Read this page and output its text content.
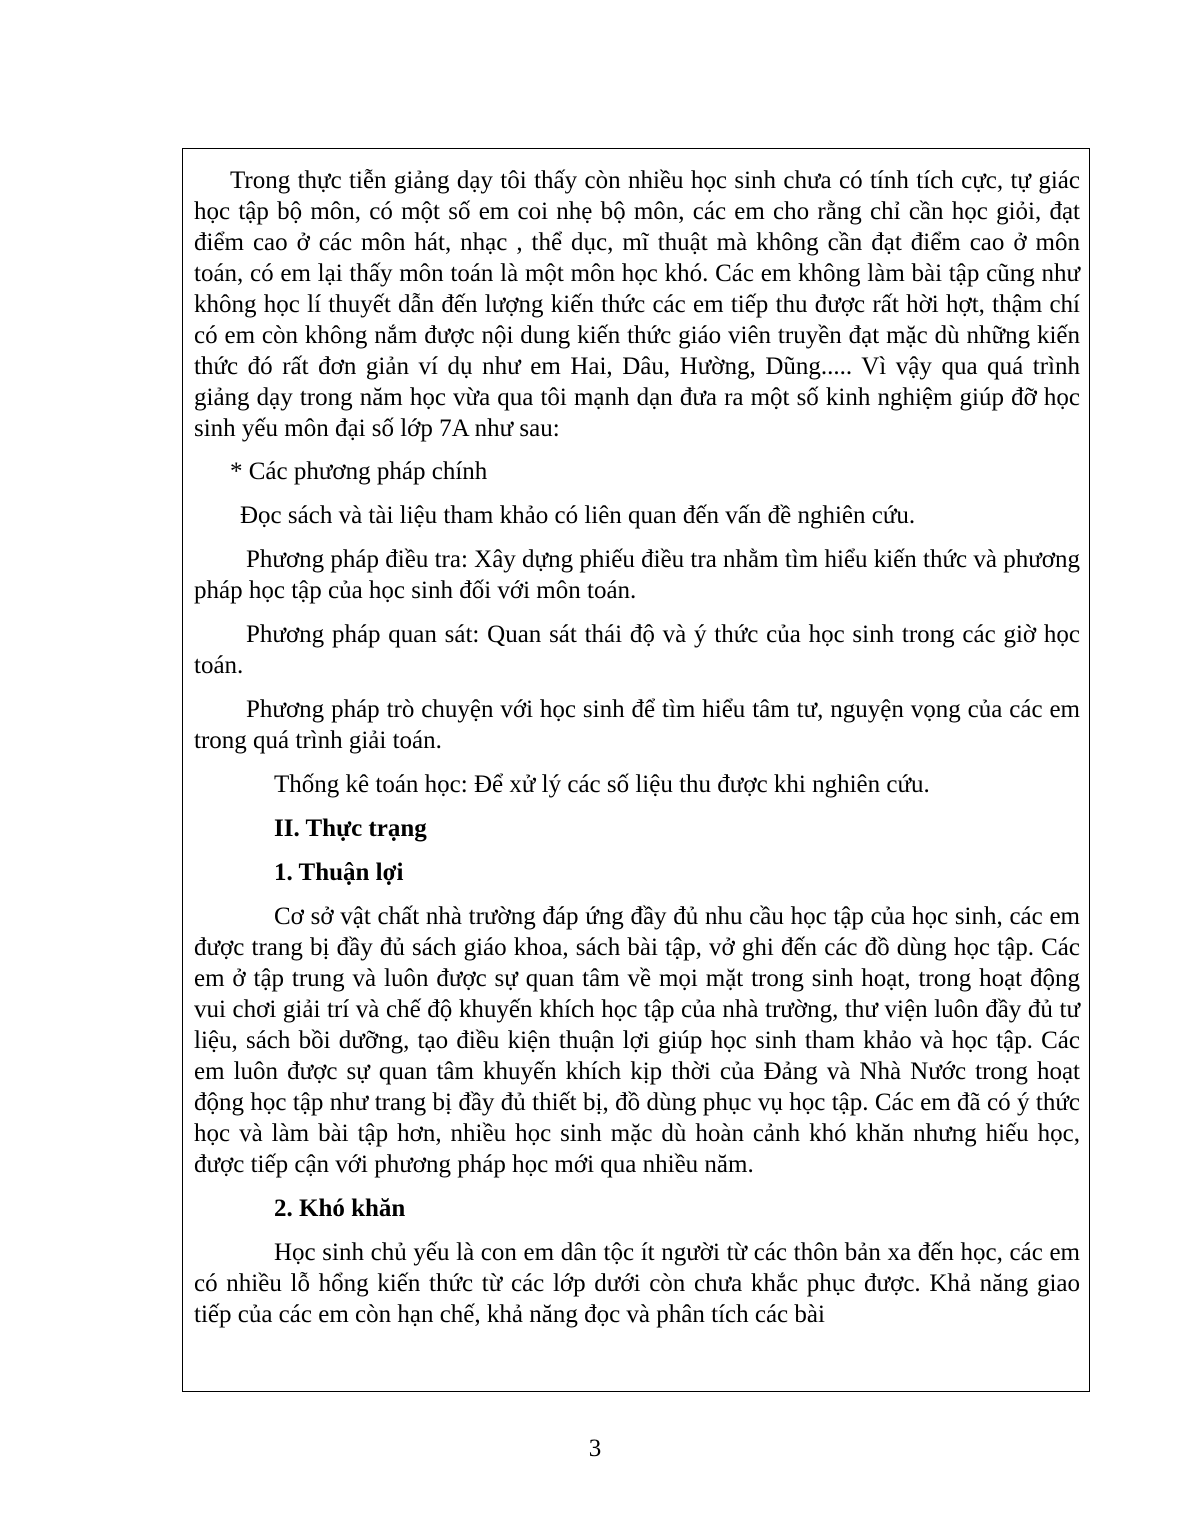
Trong thực tiễn giảng dạy tôi thấy còn nhiều học sinh chưa có tính tích cực, tự giác học tập bộ môn, có một số em coi nhẹ bộ môn, các em cho rằng chỉ cần học giỏi, đạt điểm cao ở các môn hát, nhạc , thể dục, mĩ thuật mà không cần đạt điểm cao ở môn toán, có em lại thấy môn toán là một môn học khó. Các em không làm bài tập cũng như không học lí thuyết dẫn đến lượng kiến thức các em tiếp thu được rất hời hợt, thậm chí có em còn không nắm được nội dung kiến thức giáo viên truyền đạt mặc dù những kiến thức đó rất đơn giản ví dụ như em Hai, Dâu, Hường, Dũng..... Vì vậy qua quá trình giảng dạy trong năm học vừa qua tôi mạnh dạn đưa ra một số kinh nghiệm giúp đỡ học sinh yếu môn đại số lớp 7A như sau:

* Các phương pháp chính

Đọc sách và tài liệu tham khảo có liên quan đến vấn đề nghiên cứu.

Phương pháp điều tra: Xây dựng phiếu điều tra nhằm tìm hiểu kiến thức và phương pháp học tập của học sinh đối với môn toán.

Phương pháp quan sát: Quan sát thái độ và ý thức của học sinh trong các giờ học toán.

Phương pháp trò chuyện với học sinh để tìm hiểu tâm tư, nguyện vọng của các em trong quá trình giải toán.

Thống kê toán học: Để xử lý các số liệu thu được khi nghiên cứu.

II. Thực trạng

1. Thuận lợi

Cơ sở vật chất nhà trường đáp ứng đầy đủ nhu cầu học tập của học sinh, các em được trang bị đầy đủ sách giáo khoa, sách bài tập, vở ghi đến các đồ dùng học tập. Các em ở tập trung và luôn được sự quan tâm về mọi mặt trong sinh hoạt, trong hoạt động vui chơi giải trí và chế độ khuyến khích học tập của nhà trường, thư viện luôn đầy đủ tư liệu, sách bồi dưỡng, tạo điều kiện thuận lợi giúp học sinh tham khảo và học tập. Các em luôn được sự quan tâm khuyến khích kịp thời của Đảng và Nhà Nước trong hoạt động học tập như trang bị đầy đủ thiết bị, đồ dùng phục vụ học tập. Các em đã có ý thức học và làm bài tập hơn, nhiều học sinh mặc dù hoàn cảnh khó khăn nhưng hiếu học, được tiếp cận với phương pháp học mới qua nhiều năm.

2. Khó khăn

Học sinh chủ yếu là con em dân tộc ít người từ các thôn bản xa đến học, các em có nhiều lỗ hổng kiến thức từ các lớp dưới còn chưa khắc phục được. Khả năng giao tiếp của các em còn hạn chế, khả năng đọc và phân tích các bài

3
